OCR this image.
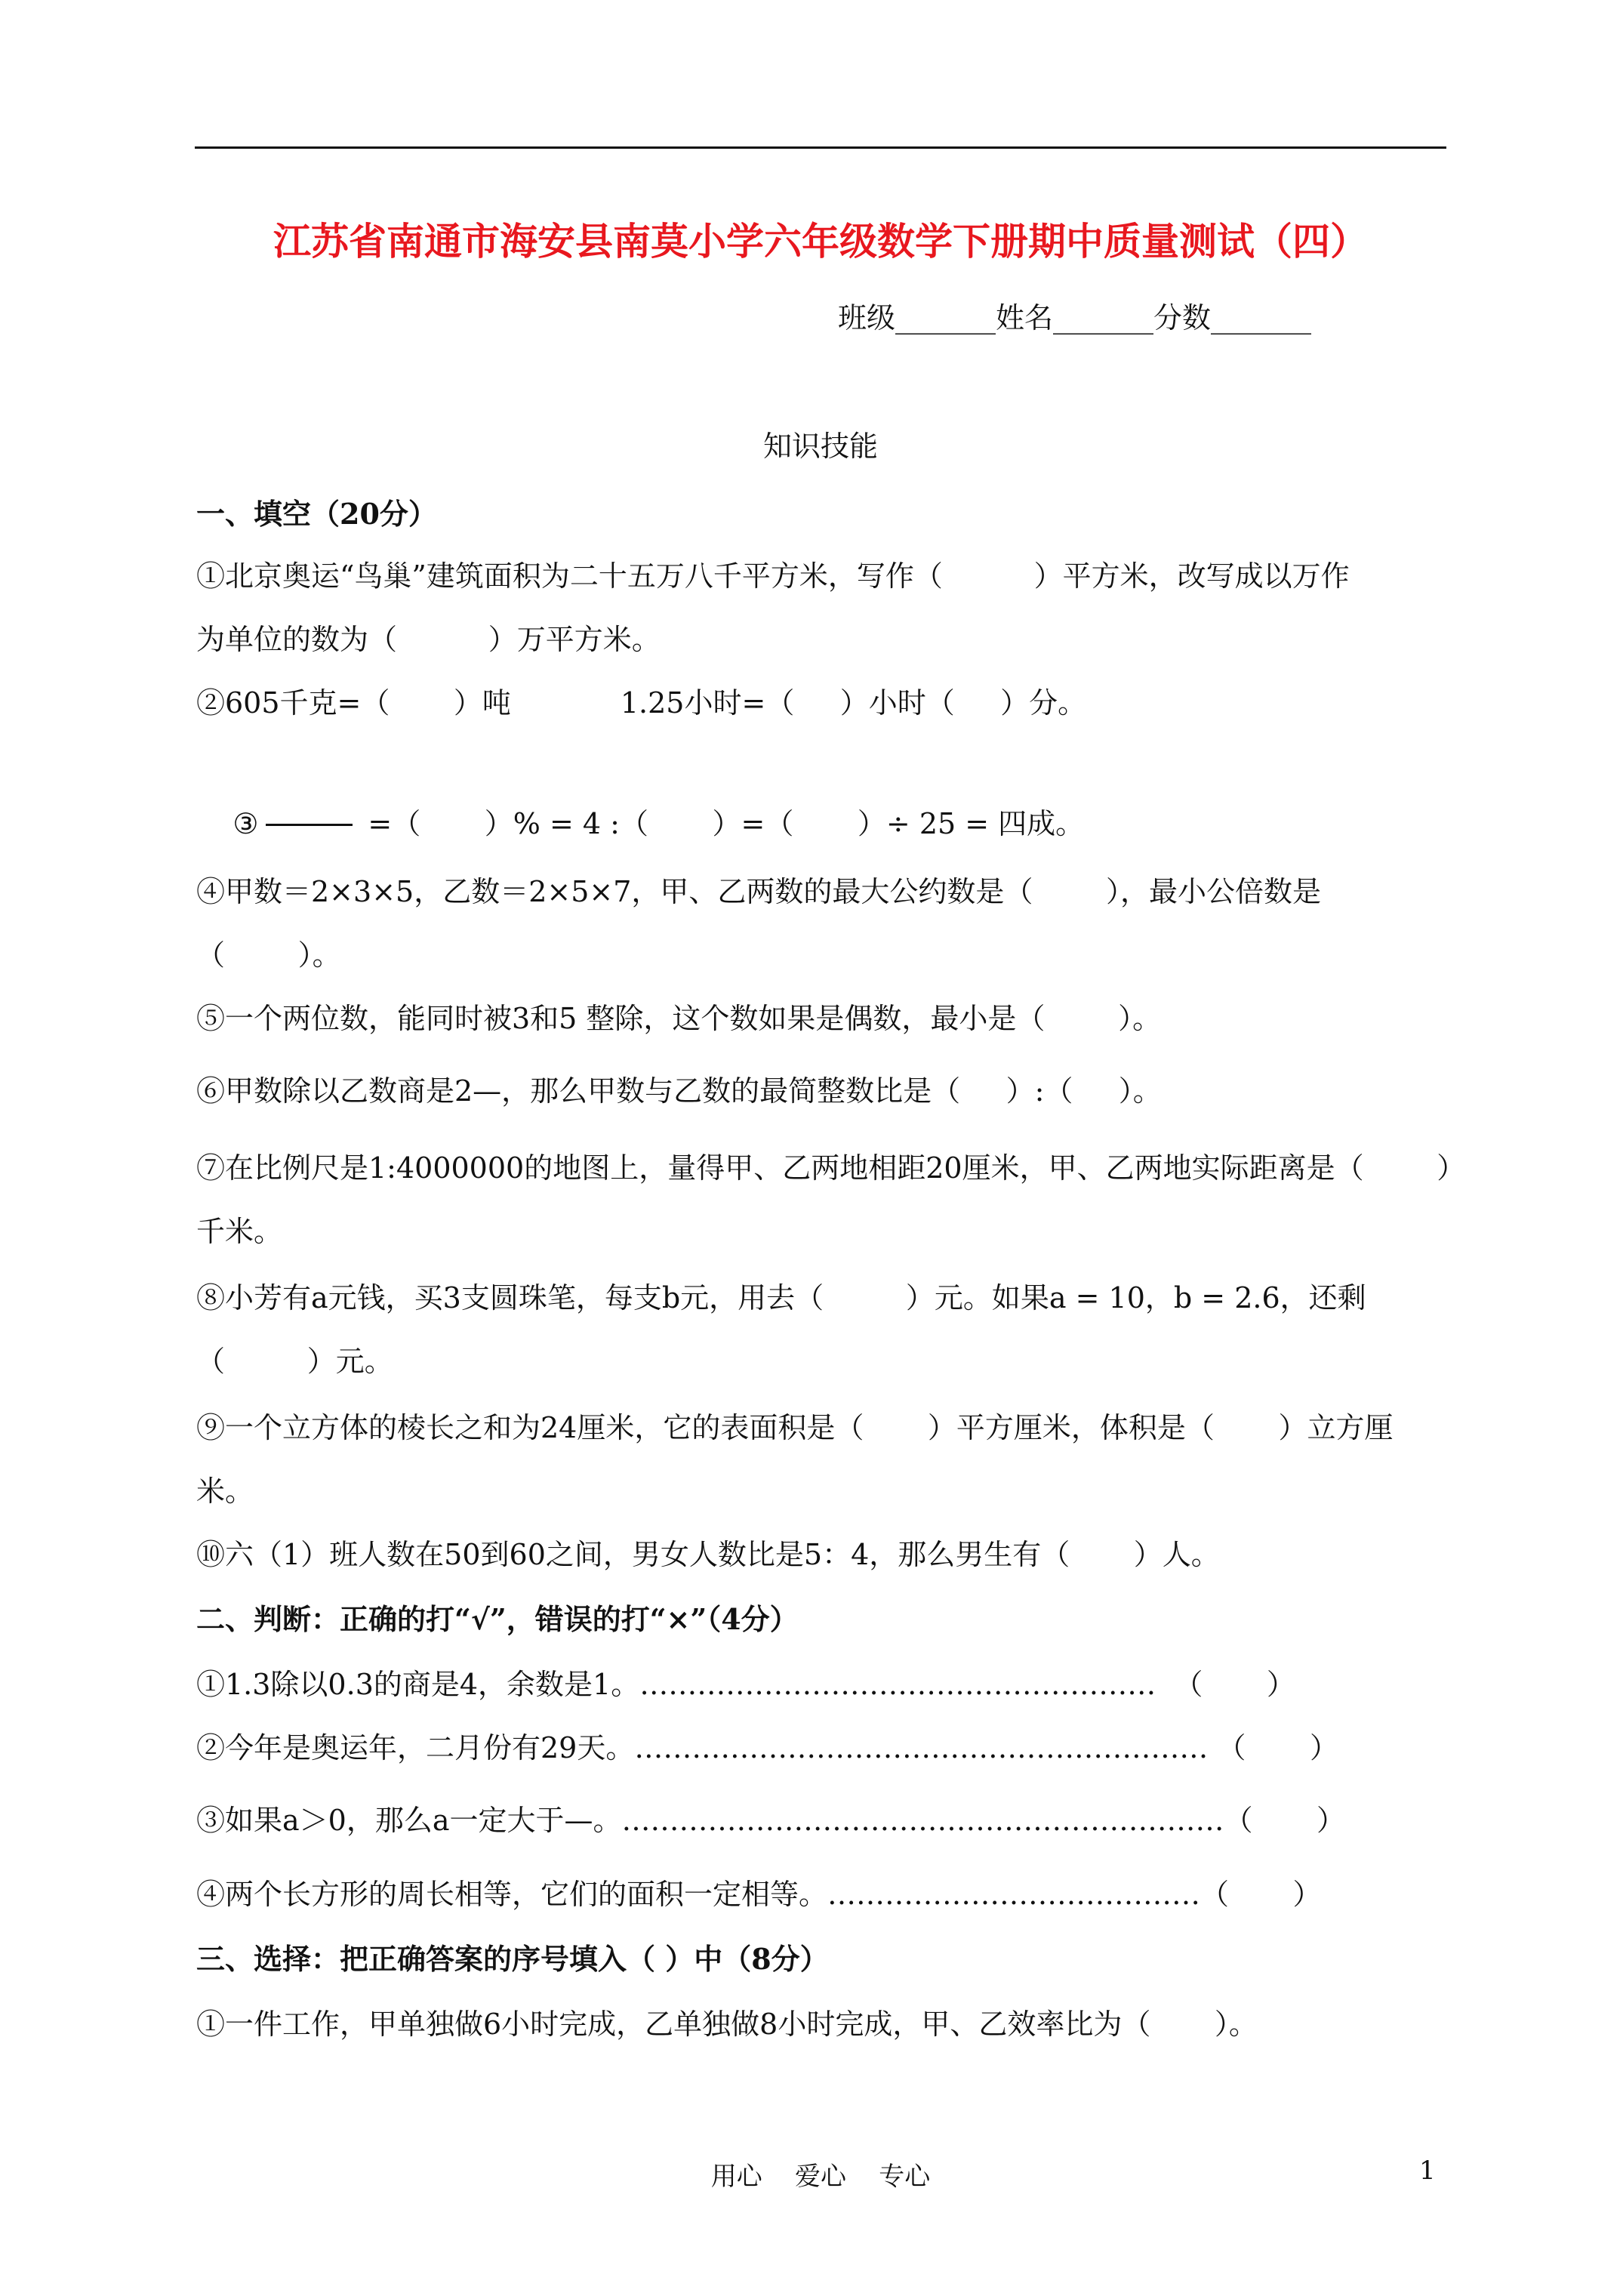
江苏省南通市海安县南莫小学六年级数学下册期中质量测试（四）
班级_______姓名_______分数_______
知识技能
一、填空（20分）
①北京奥运“鸟巢”建筑面积为二十五万八千平方米，写作（          ）平方米，改写成以万作
为单位的数为（          ）万平方米。
②605千克=（       ）吨            1.25小时=（     ）小时（     ）分。

③	=（       ）% = 4 :（       ）=（       ）÷ 25 = 四成。

④甲数＝2×3×5，乙数＝2×5×7，甲、乙两数的最大公约数是（        ），最小公倍数是
（        ）。
⑤一个两位数，能同时被3和5 整除，这个数如果是偶数，最小是（        ）。
⑥甲数除以乙数商是2—，那么甲数与乙数的最简整数比是（     ）:（     ）。
⑦在比例尺是1:4000000的地图上，量得甲、乙两地相距20厘米，甲、乙两地实际距离是（        ）
千米。
⑧小芳有a元钱，买3支圆珠笔，每支b元，用去（         ）元。如果a = 10，b = 2.6，还剩
（         ）元。
⑨一个立方体的棱长之和为24厘米，它的表面积是（       ）平方厘米，体积是（       ）立方厘
米。
⑩六（1）班人数在50到60之间，男女人数比是5：4，那么男生有（       ）人。
二、判断：正确的打“√”，错误的打“×”（4分）
①1.3除以0.3的商是4，余数是1。………………………………………………  （       ）
②今年是奥运年，二月份有29天。…………………………………………………… （       ）
③如果a＞0，那么a一定大于—。………………………………………………………（       ）
④两个长方形的周长相等，它们的面积一定相等。…………………………………（       ）
三、选择：把正确答案的序号填入（ ）中（8分）
①一件工作，甲单独做6小时完成，乙单独做8小时完成，甲、乙效率比为（       ）。
用心    爱心    专心	1
